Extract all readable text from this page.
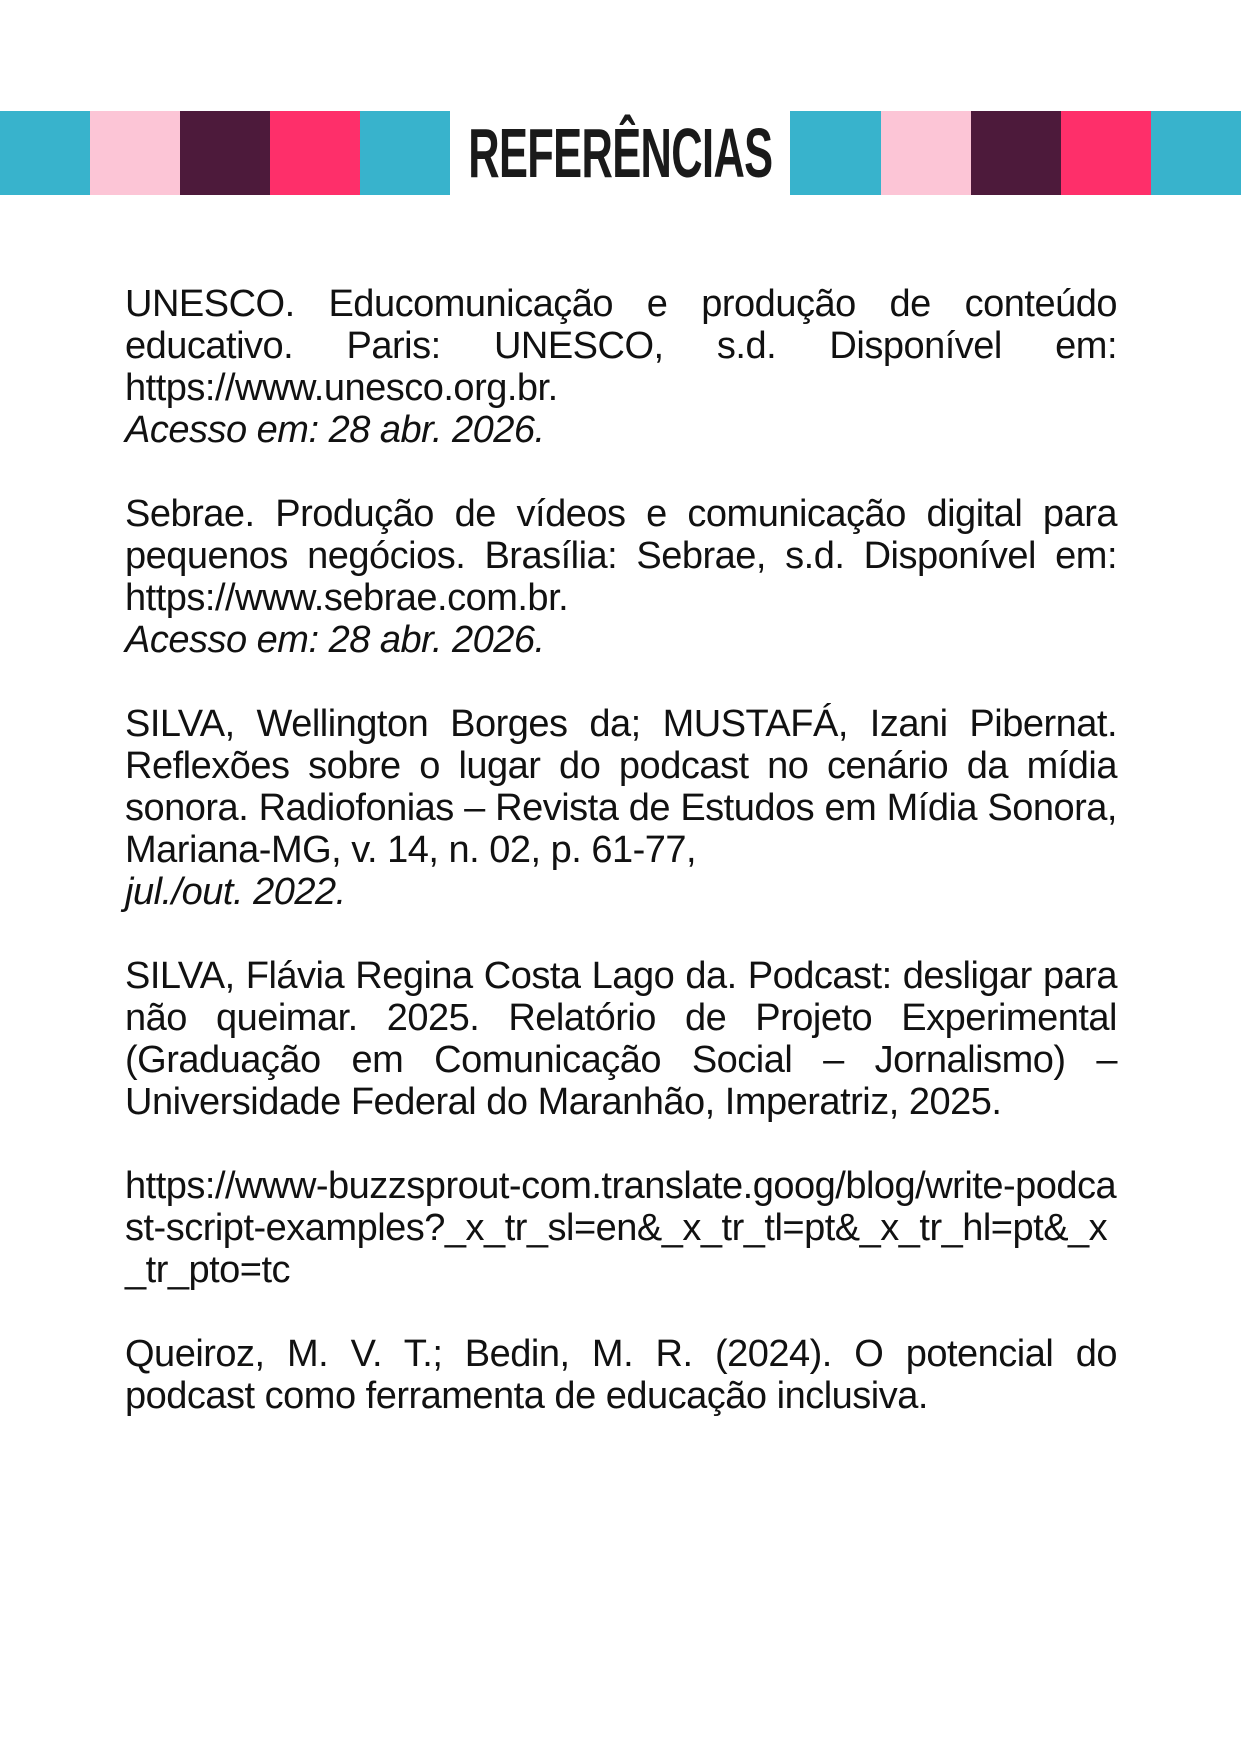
REFERÊNCIAS

UNESCO. Educomunicação e produção de conteúdo educativo. Paris: UNESCO, s.d. Disponível em: https://www.unesco.org.br.
Acesso em: 28 abr. 2026.

Sebrae. Produção de vídeos e comunicação digital para pequenos negócios. Brasília: Sebrae, s.d. Disponível em: https://www.sebrae.com.br.
Acesso em: 28 abr. 2026.

SILVA, Wellington Borges da; MUSTAFÁ, Izani Pibernat. Reflexões sobre o lugar do podcast no cenário da mídia sonora. Radiofonias – Revista de Estudos em Mídia Sonora, Mariana-MG, v. 14, n. 02, p. 61-77,
jul./out. 2022.

SILVA, Flávia Regina Costa Lago da. Podcast: desligar para não queimar. 2025. Relatório de Projeto Experimental (Graduação em Comunicação Social – Jornalismo) – Universidade Federal do Maranhão, Imperatriz, 2025.

https://www-buzzsprout-com.translate.goog/blog/write-podcast-script-examples?_x_tr_sl=en&_x_tr_tl=pt&_x_tr_hl=pt&_x_tr_pto=tc

Queiroz, M. V. T.; Bedin, M. R. (2024). O potencial do podcast como ferramenta de educação inclusiva.
